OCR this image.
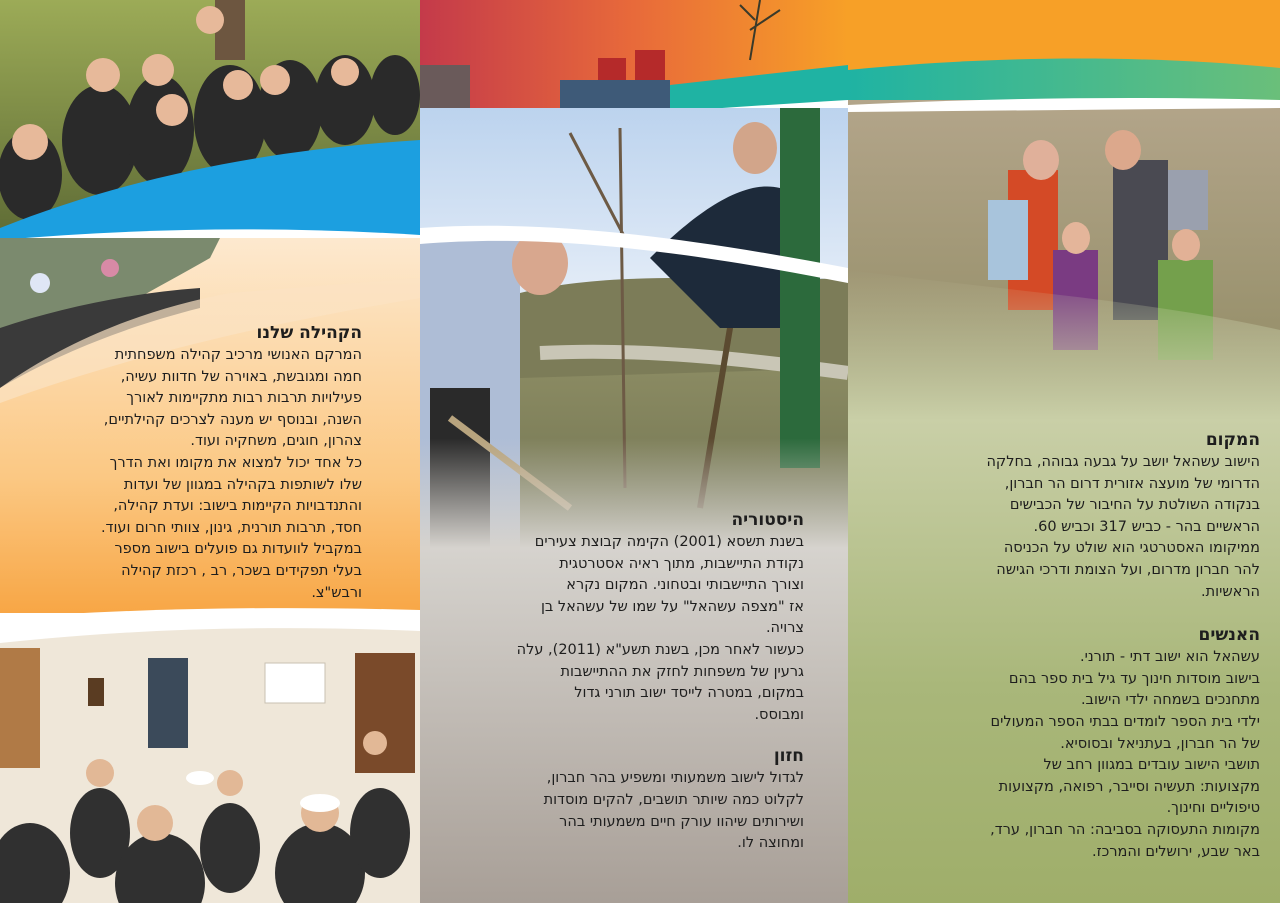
הקהילה שלנו

המרקם האנושי מרכיב קהילה משפחתית

חמה ומגובשת, באוירה של חדוות עשיה,

פעילויות תרבות רבות מתקיימות לאורך

השנה, ובנוסף יש מענה לצרכים קהילתיים,

צהרון, חוגים, משחקיה ועוד.

כל אחד יכול למצוא את מקומו ואת הדרך

שלו לשותפות בקהילה במגוון של ועדות

והתנדבויות הקיימות בישוב: ועדת קהילה,

חסד, תרבות תורנית, גינון, צוותי חרום ועוד.

במקביל לוועדות גם פועלים בישוב מספר

בעלי תפקידים בשכר, רב , רכזת קהילה

ורבש"צ.

היסטוריה

בשנת תשסא (2001) הקימה קבוצת צעירים

נקודת התיישבות, מתוך ראיה אסטרטגית

וצורך התיישבותי ובטחוני. המקום נקרא

אז "מצפה עשהאל" על שמו של עשהאל בן

צרויה.

כעשור לאחר מכן, בשנת תשע"א (2011), עלה

גרעין של משפחות לחזק את ההתיישבות

במקום, במטרה לייסד ישוב תורני גדול

ומבוסס.

חזון

לגדול לישוב משמעותי ומשפיע בהר חברון,

לקלוט כמה שיותר תושבים, להקים מוסדות

ושירותים שיהוו עורק חיים משמעותי בהר

ומחוצה לו.

המקום

הישוב עשהאל יושב על גבעה גבוהה, בחלקה

הדרומי של מועצה אזורית דרום הר חברון,

בנקודה השולטת על החיבור של הכבישים

הראשיים בהר - כביש 317 וכביש 60.

ממיקומו האסטרטגי הוא שולט על הכניסה

להר חברון מדרום, ועל הצומת ודרכי הגישה

הראשיות.

האנשים

עשהאל הוא ישוב דתי - תורני.

בישוב מוסדות חינוך עד גיל בית ספר בהם

מתחנכים בשמחה ילדי הישוב.

ילדי בית הספר לומדים בבתי הספר המעולים

של הר חברון, בעתניאל ובסוסיא.

תושבי הישוב עובדים במגוון רחב של

מקצועות: תעשיה וסייבר, רפואה, מקצועות

טיפוליים וחינוך.

מקומות התעסוקה בסביבה: הר חברון, ערד,

באר שבע, ירושלים והמרכז.
